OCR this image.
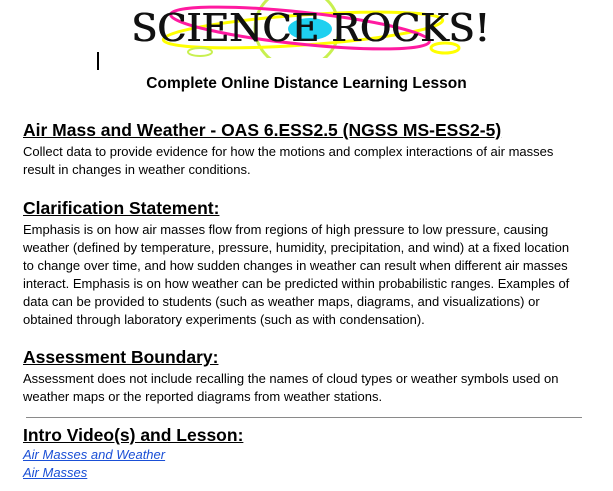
SCIENCE ROCKS!
Complete Online Distance Learning Lesson
Air Mass and Weather - OAS 6.ESS2.5 (NGSS MS-ESS2-5)

Collect data to provide evidence for how the motions and complex interactions of air masses result in changes in weather conditions.

Clarification Statement:

Emphasis is on how air masses flow from regions of high pressure to low pressure, causing weather (defined by temperature, pressure, humidity, precipitation, and wind) at a fixed location to change over time, and how sudden changes in weather can result when different air masses interact. Emphasis is on how weather can be predicted within probabilistic ranges. Examples of data can be provided to students (such as weather maps, diagrams, and visualizations) or obtained through laboratory experiments (such as with condensation).

Assessment Boundary:

Assessment does not include recalling the names of cloud types or weather symbols used on weather maps or the reported diagrams from weather stations.

Intro Video(s) and Lesson:
Air Masses and Weather
Air Masses
